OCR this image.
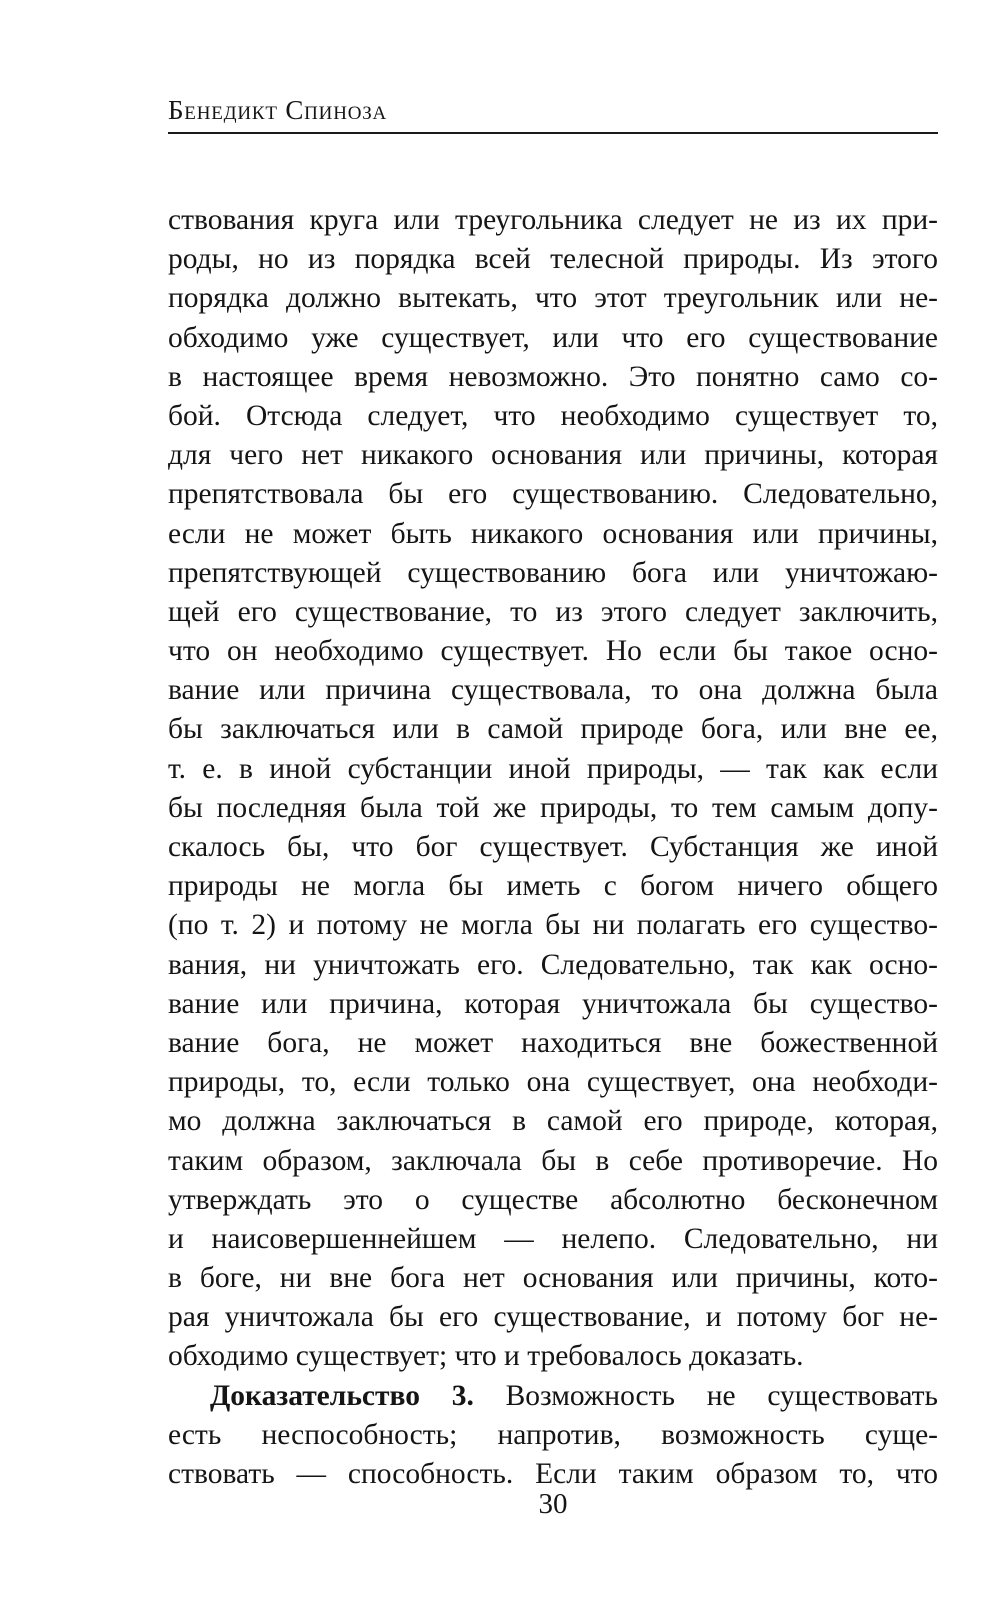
Бенедикт Спиноза
ствования круга или треугольника следует не из их при-
роды, но из порядка всей телесной природы. Из этого
порядка должно вытекать, что этот треугольник или не-
обходимо уже существует, или что его существование
в настоящее время невозможно. Это понятно само со-
бой. Отсюда следует, что необходимо существует то,
для чего нет никакого основания или причины, которая
препятствовала бы его существованию. Следовательно,
если не может быть никакого основания или причины,
препятствующей существованию бога или уничтожаю-
щей его существование, то из этого следует заключить,
что он необходимо существует. Но если бы такое осно-
вание или причина существовала, то она должна была
бы заключаться или в самой природе бога, или вне ее,
т. е. в иной субстанции иной природы, — так как если
бы последняя была той же природы, то тем самым допу-
скалось бы, что бог существует. Субстанция же иной
природы не могла бы иметь с богом ничего общего
(по т. 2) и потому не могла бы ни полагать его существо-
вания, ни уничтожать его. Следовательно, так как осно-
вание или причина, которая уничтожала бы существо-
вание бога, не может находиться вне божественной
природы, то, если только она существует, она необходи-
мо должна заключаться в самой его природе, которая,
таким образом, заключала бы в себе противоречие. Но
утверждать это о существе абсолютно бесконечном
и наисовершеннейшем — нелепо. Следовательно, ни
в боге, ни вне бога нет основания или причины, кото-
рая уничтожала бы его существование, и потому бог не-
обходимо существует; что и требовалось доказать.
Доказательство 3. Возможность не существовать
есть неспособность; напротив, возможность суще-
ствовать — способность. Если таким образом то, что
30
